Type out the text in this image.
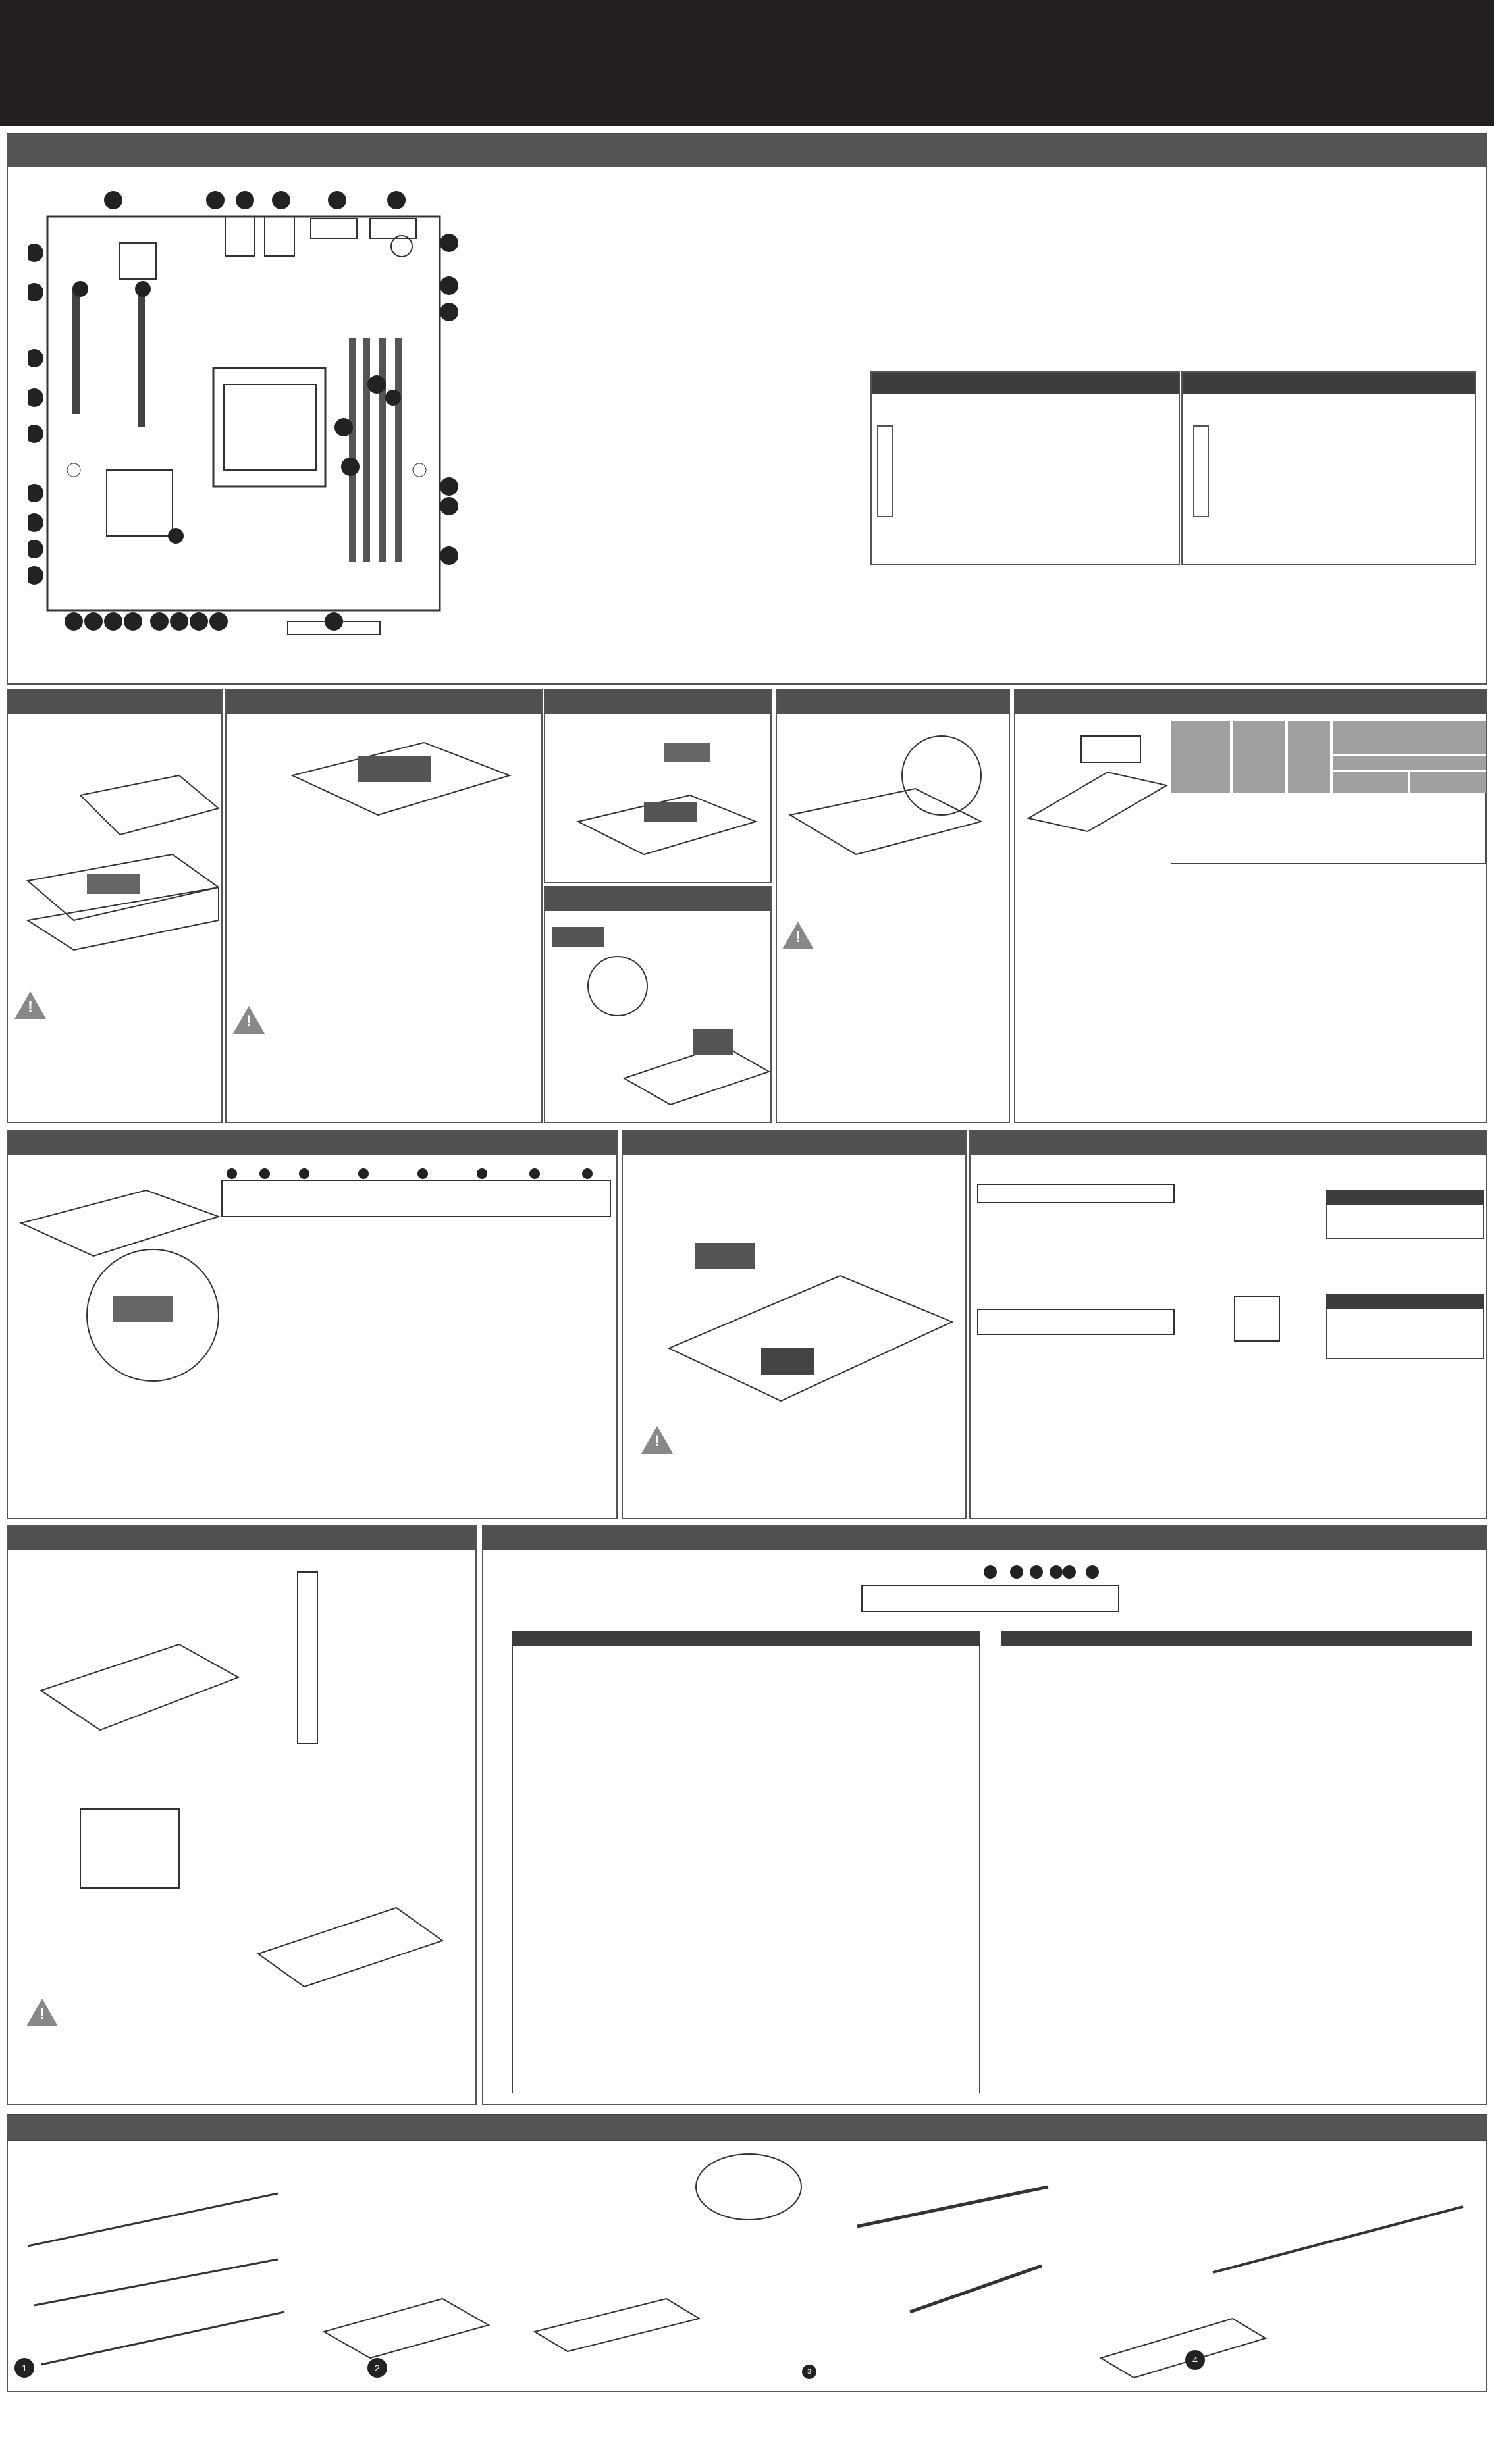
!
!
!
!
!
1	2	3
4
